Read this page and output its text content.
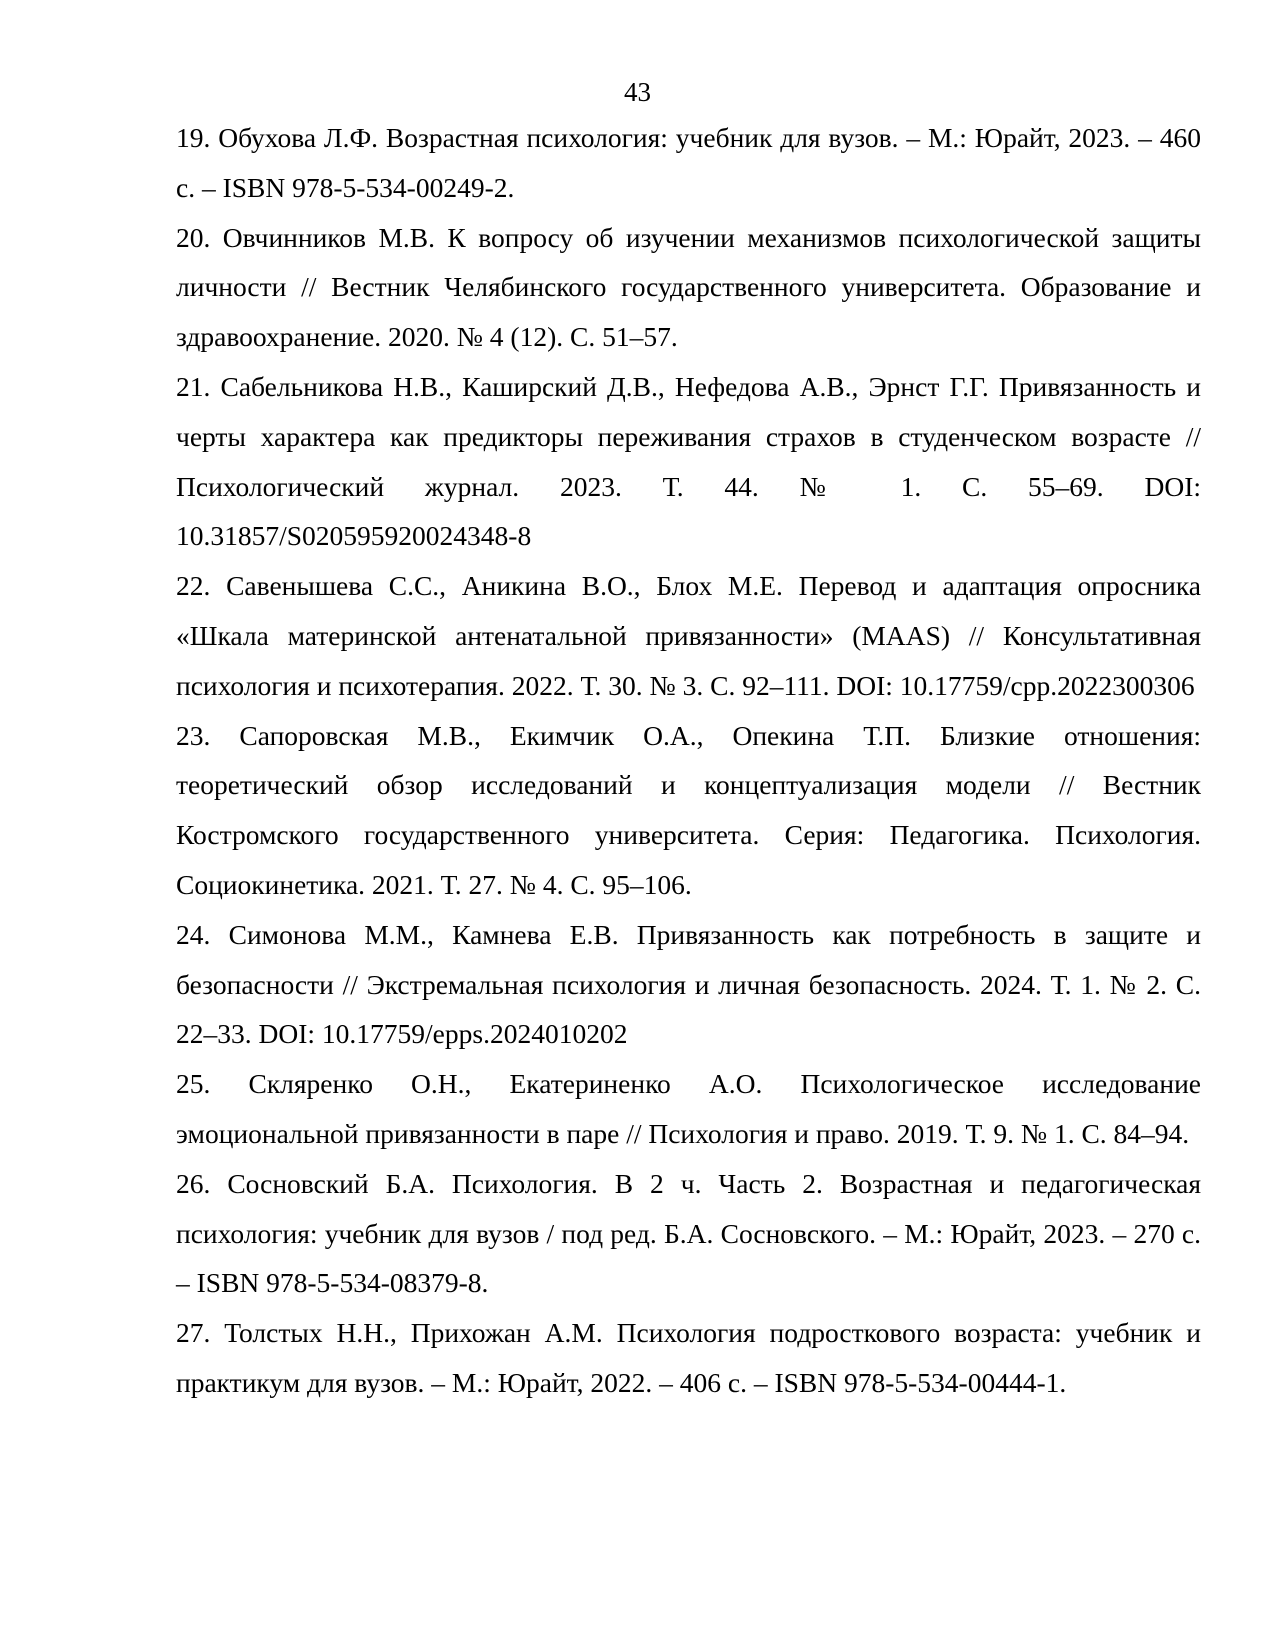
43

19. Обухова Л.Ф. Возрастная психология: учебник для вузов. – М.: Юрайт, 2023. – 460 с. – ISBN 978-5-534-00249-2.
20. Овчинников М.В. К вопросу об изучении механизмов психологической защиты личности // Вестник Челябинского государственного университета. Образование и здравоохранение. 2020. № 4 (12). С. 51–57.
21. Сабельникова Н.В., Каширский Д.В., Нефедова А.В., Эрнст Г.Г. Привязанность и черты характера как предикторы переживания страхов в студенческом возрасте // Психологический журнал. 2023. Т. 44. № 1. С. 55–69. DOI: 10.31857/S020595920024348-8
22. Савенышева С.С., Аникина В.О., Блох М.Е. Перевод и адаптация опросника «Шкала материнской антенатальной привязанности» (MAAS) // Консультативная психология и психотерапия. 2022. Т. 30. № 3. С. 92–111. DOI: 10.17759/cpp.2022300306
23. Сапоровская М.В., Екимчик О.А., Опекина Т.П. Близкие отношения: теоретический обзор исследований и концептуализация модели // Вестник Костромского государственного университета. Серия: Педагогика. Психология. Социокинетика. 2021. Т. 27. № 4. С. 95–106.
24. Симонова М.М., Камнева Е.В. Привязанность как потребность в защите и безопасности // Экстремальная психология и личная безопасность. 2024. Т. 1. № 2. С. 22–33. DOI: 10.17759/epps.2024010202
25. Скляренко О.Н., Екатериненко А.О. Психологическое исследование эмоциональной привязанности в паре // Психология и право. 2019. Т. 9. № 1. С. 84–94.
26. Сосновский Б.А. Психология. В 2 ч. Часть 2. Возрастная и педагогическая психология: учебник для вузов / под ред. Б.А. Сосновского. – М.: Юрайт, 2023. – 270 с. – ISBN 978-5-534-08379-8.
27. Толстых Н.Н., Прихожан А.М. Психология подросткового возраста: учебник и практикум для вузов. – М.: Юрайт, 2022. – 406 с. – ISBN 978-5-534-00444-1.
